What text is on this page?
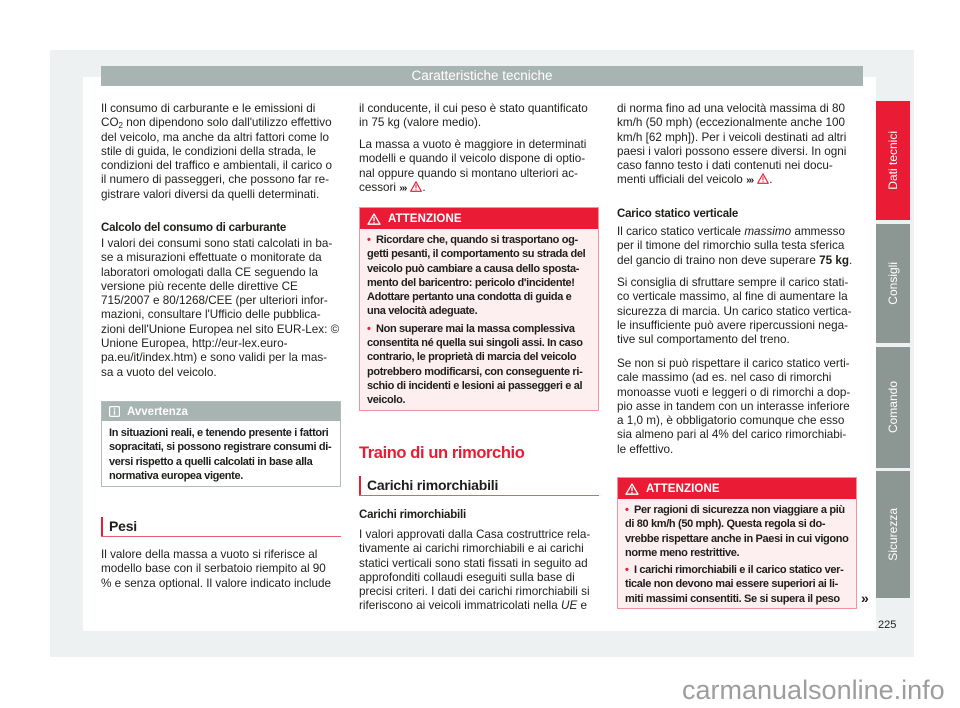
Caratteristiche tecniche
Il consumo di carburante e le emissioni di
$CO_2$ non dipendono solo dall'utilizzo effettivo
del veicolo, ma anche da altri fattori come lo
stile di guida, le condizioni della strada, le
condizioni del traffico e ambientali, il carico o
il numero di passeggeri, che possono far re-
gistrare valori diversi da quelli determinati.
Calcolo del consumo di carburante
I valori dei consumi sono stati calcolati in ba-
se a misurazioni effettuate o monitorate da
laboratori omologati dalla CE seguendo la
versione più recente delle direttive CE
715/2007 e 80/1268/CEE (per ulteriori infor-
mazioni, consultare l'Ufficio delle pubblica-
zioni dell'Unione Europea nel sito EUR-Lex: ©
Unione Europea, http://eur-lex.euro-
pa.eu/it/index.htm) e sono validi per la mas-
sa a vuoto del veicolo.
Avvertenza
In situazioni reali, e tenendo presente i fattori
sopracitati, si possono registrare consumi di-
versi rispetto a quelli calcolati in base alla
normativa europea vigente.
Pesi
Il valore della massa a vuoto si riferisce al
modello base con il serbatoio riempito al 90
% e senza optional. Il valore indicato include
il conducente, il cui peso è stato quantificato
in 75 kg (valore medio).
La massa a vuoto è maggiore in determinati
modelli e quando il veicolo dispone di optio-
nal oppure quando si montano ulteriori ac-
cessori ››› .
ATTENZIONE
• Ricordare che, quando si trasportano og-
getti pesanti, il comportamento su strada del
veicolo può cambiare a causa dello sposta-
mento del baricentro: pericolo d'incidente!
Adottare pertanto una condotta di guida e
una velocità adeguate.
• Non superare mai la massa complessiva
consentita né quella sui singoli assi. In caso
contrario, le proprietà di marcia del veicolo
potrebbero modificarsi, con conseguente ri-
schio di incidenti e lesioni ai passeggeri e al
veicolo.
Traino di un rimorchio
Carichi rimorchiabili
Carichi rimorchiabili
I valori approvati dalla Casa costruttrice rela-
tivamente ai carichi rimorchiabili e ai carichi
statici verticali sono stati fissati in seguito ad
approfonditi collaudi eseguiti sulla base di
precisi criteri. I dati dei carichi rimorchiabili si
riferiscono ai veicoli immatricolati nella UE e
di norma fino ad una velocità massima di 80
km/h (50 mph) (eccezionalmente anche 100
km/h [62 mph]). Per i veicoli destinati ad altri
paesi i valori possono essere diversi. In ogni
caso fanno testo i dati contenuti nei docu-
menti ufficiali del veicolo ››› .
Carico statico verticale
Il carico statico verticale massimo ammesso
per il timone del rimorchio sulla testa sferica
del gancio di traino non deve superare 75 kg.
Si consiglia di sfruttare sempre il carico stati-
co verticale massimo, al fine di aumentare la
sicurezza di marcia. Un carico statico vertica-
le insufficiente può avere ripercussioni nega-
tive sul comportamento del treno.
Se non si può rispettare il carico statico verti-
cale massimo (ad es. nel caso di rimorchi
monoasse vuoti e leggeri o di rimorchi a dop-
pio asse in tandem con un interasse inferiore
a 1,0 m), è obbligatorio comunque che esso
sia almeno pari al 4% del carico rimorchiabi-
le effettivo.
ATTENZIONE
• Per ragioni di sicurezza non viaggiare a più
di 80 km/h (50 mph). Questa regola si do-
vrebbe rispettare anche in Paesi in cui vigono
norme meno restrittive.
• I carichi rimorchiabili e il carico statico ver-
ticale non devono mai essere superiori ai li-
miti massimi consentiti. Se si supera il peso	»
Dati tecnici
Consigli
Comando
Sicurezza
225
carmanualsonline.info
